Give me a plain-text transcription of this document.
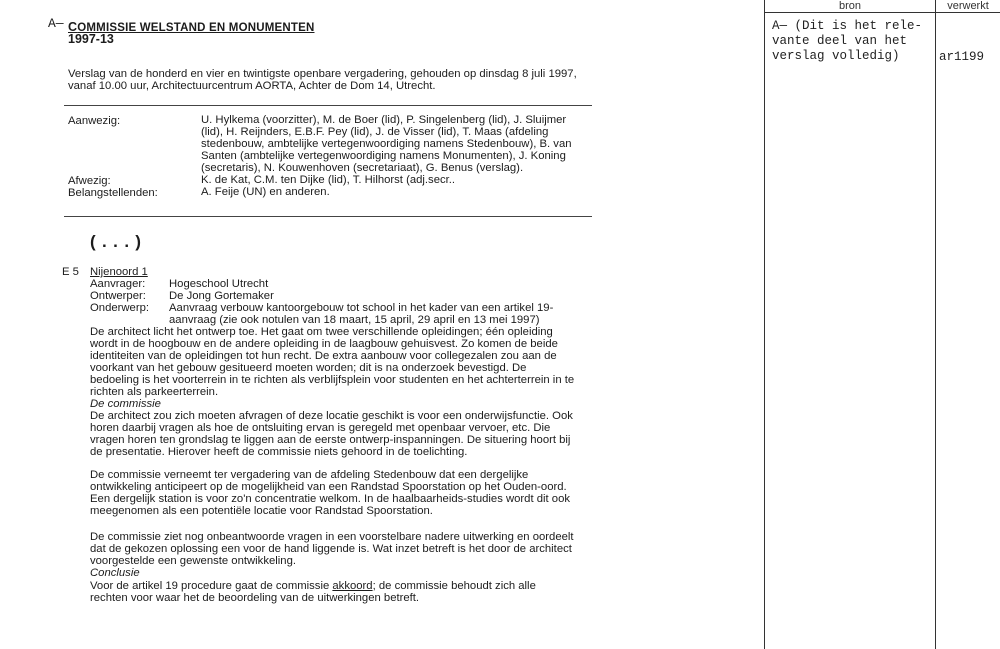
A— COMMISSIE WELSTAND EN MONUMENTEN
1997-13
Verslag van de honderd en vier en twintigste openbare vergadering, gehouden op dinsdag 8 juli 1997,
vanaf 10.00 uur, Architectuurcentrum AORTA, Achter de Dom 14, Utrecht.
Aanwezig:	U. Hylkema (voorzitter), M. de Boer (lid), P. Singelenberg (lid), J. Sluijmer
(lid), H. Reijnders, E.B.F. Pey (lid), J. de Visser (lid), T. Maas (afdeling
stedenbouw, ambtelijke vertegenwoordiging namens Stedenbouw), B. van
Santen (ambtelijke vertegenwoordiging namens Monumenten), J. Koning
(secretaris), N. Kouwenhoven (secretariaat), G. Benus (verslag).
Afwezig:	K. de Kat, C.M. ten Dijke (lid), T. Hilhorst (adj.secr..
Belangstellenden:	A. Feije (UN) en anderen.
(...)
E 5 Nijenoord 1
Aanvrager: Hogeschool Utrecht
Ontwerper: De Jong Gortemaker
Onderwerp: Aanvraag verbouw kantoorgebouw tot school in het kader van een artikel 19-
aanvraag (zie ook notulen van 18 maart, 15 april, 29 april en 13 mei 1997)
De architect licht het ontwerp toe. Het gaat om twee verschillende opleidingen; één opleiding
wordt in de hoogbouw en de andere opleiding in de laagbouw gehuisvest. Zo komen de beide
identiteiten van de opleidingen tot hun recht. De extra aanbouw voor collegezalen zou aan de
voorkant van het gebouw gesitueerd moeten worden; dit is na onderzoek bevestigd. De
bedoeling is het voorterrein in te richten als verblijfsplein voor studenten en het achterterrein in te
richten als parkeerterrein.
De commissie
De architect zou zich moeten afvragen of deze locatie geschikt is voor een onderwijsfunctie. Ook
horen daarbij vragen als hoe de ontsluiting ervan is geregeld met openbaar vervoer, etc. Die
vragen horen ten grondslag te liggen aan de eerste ontwerp-inspanningen. De situering hoort bij
de presentatie. Hierover heeft de commissie niets gehoord in de toelichting.
De commissie verneemt ter vergadering van de afdeling Stedenbouw dat een dergelijke
ontwikkeling anticipeert op de mogelijkheid van een Randstad Spoorstation op het Ouden-oord.
Een dergelijk station is voor zo'n concentratie welkom. In de haalbaarheids-studies wordt dit ook
meegenomen als een potentiële locatie voor Randstad Spoorstation.
De commissie ziet nog onbeantwoorde vragen in een voorstelbare nadere uitwerking en oordeelt
dat de gekozen oplossing een voor de hand liggende is. Wat inzet betreft is het door de architect
voorgestelde een gewenste ontwikkeling.
Conclusie
Voor de artikel 19 procedure gaat de commissie akkoord; de commissie behoudt zich alle
rechten voor waar het de beoordeling van de uitwerkingen betreft.
bron	verwerkt
A— (Dit is het rele-
vante deel van het
verslag volledig)	ar1199
